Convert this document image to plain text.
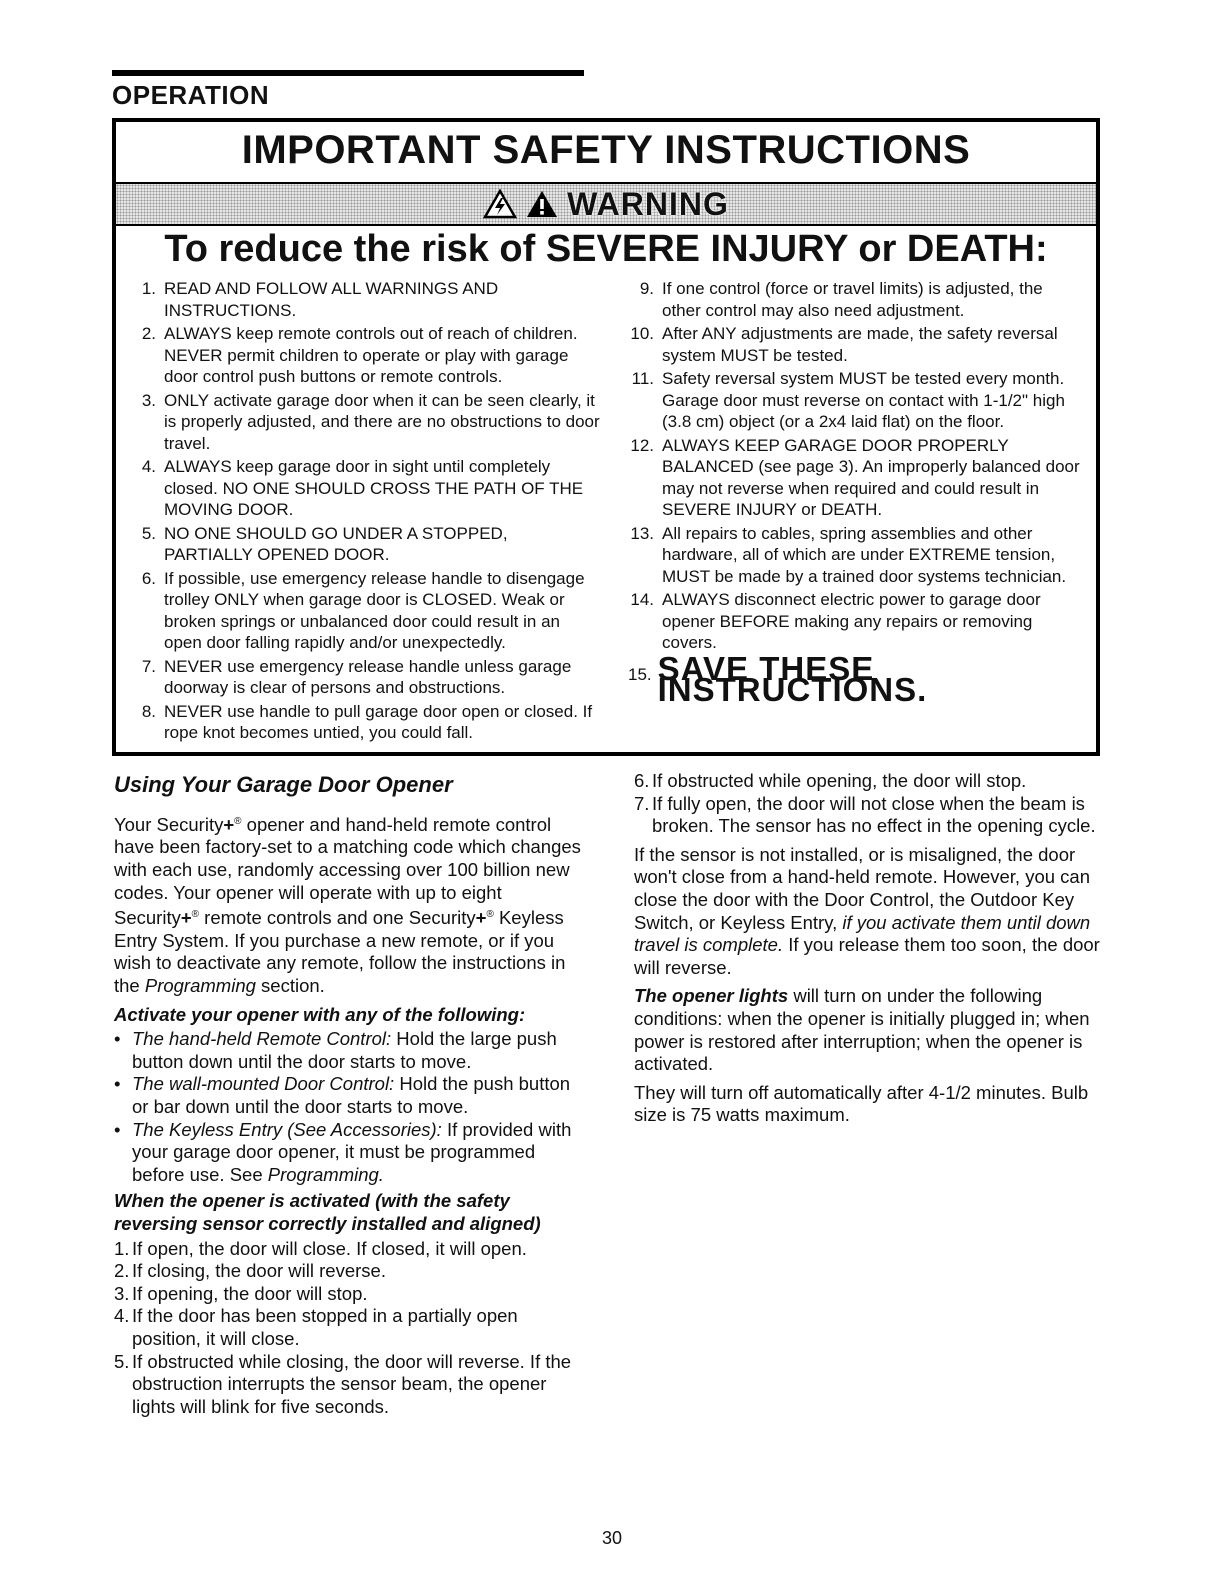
OPERATION
IMPORTANT SAFETY INSTRUCTIONS
WARNING
To reduce the risk of SEVERE INJURY or DEATH:
1. READ AND FOLLOW ALL WARNINGS AND INSTRUCTIONS.
2. ALWAYS keep remote controls out of reach of children. NEVER permit children to operate or play with garage door control push buttons or remote controls.
3. ONLY activate garage door when it can be seen clearly, it is properly adjusted, and there are no obstructions to door travel.
4. ALWAYS keep garage door in sight until completely closed. NO ONE SHOULD CROSS THE PATH OF THE MOVING DOOR.
5. NO ONE SHOULD GO UNDER A STOPPED, PARTIALLY OPENED DOOR.
6. If possible, use emergency release handle to disengage trolley ONLY when garage door is CLOSED. Weak or broken springs or unbalanced door could result in an open door falling rapidly and/or unexpectedly.
7. NEVER use emergency release handle unless garage doorway is clear of persons and obstructions.
8. NEVER use handle to pull garage door open or closed. If rope knot becomes untied, you could fall.
9. If one control (force or travel limits) is adjusted, the other control may also need adjustment.
10. After ANY adjustments are made, the safety reversal system MUST be tested.
11. Safety reversal system MUST be tested every month. Garage door must reverse on contact with 1-1/2" high (3.8 cm) object (or a 2x4 laid flat) on the floor.
12. ALWAYS KEEP GARAGE DOOR PROPERLY BALANCED (see page 3). An improperly balanced door may not reverse when required and could result in SEVERE INJURY or DEATH.
13. All repairs to cables, spring assemblies and other hardware, all of which are under EXTREME tension, MUST be made by a trained door systems technician.
14. ALWAYS disconnect electric power to garage door opener BEFORE making any repairs or removing covers.
15. SAVE THESE INSTRUCTIONS.
Using Your Garage Door Opener

Your Security+® opener and hand-held remote control have been factory-set to a matching code which changes with each use, randomly accessing over 100 billion new codes. Your opener will operate with up to eight Security+® remote controls and one Security+® Keyless Entry System. If you purchase a new remote, or if you wish to deactivate any remote, follow the instructions in the Programming section.

Activate your opener with any of the following:
• The hand-held Remote Control: Hold the large push button down until the door starts to move.
• The wall-mounted Door Control: Hold the push button or bar down until the door starts to move.
• The Keyless Entry (See Accessories): If provided with your garage door opener, it must be programmed before use. See Programming.
When the opener is activated (with the safety reversing sensor correctly installed and aligned)
1. If open, the door will close. If closed, it will open.
2. If closing, the door will reverse.
3. If opening, the door will stop.
4. If the door has been stopped in a partially open position, it will close.
5. If obstructed while closing, the door will reverse. If the obstruction interrupts the sensor beam, the opener lights will blink for five seconds.
6. If obstructed while opening, the door will stop.
7. If fully open, the door will not close when the beam is broken. The sensor has no effect in the opening cycle.

If the sensor is not installed, or is misaligned, the door won't close from a hand-held remote. However, you can close the door with the Door Control, the Outdoor Key Switch, or Keyless Entry, if you activate them until down travel is complete. If you release them too soon, the door will reverse.

The opener lights will turn on under the following conditions: when the opener is initially plugged in; when power is restored after interruption; when the opener is activated.

They will turn off automatically after 4-1/2 minutes. Bulb size is 75 watts maximum.

30
